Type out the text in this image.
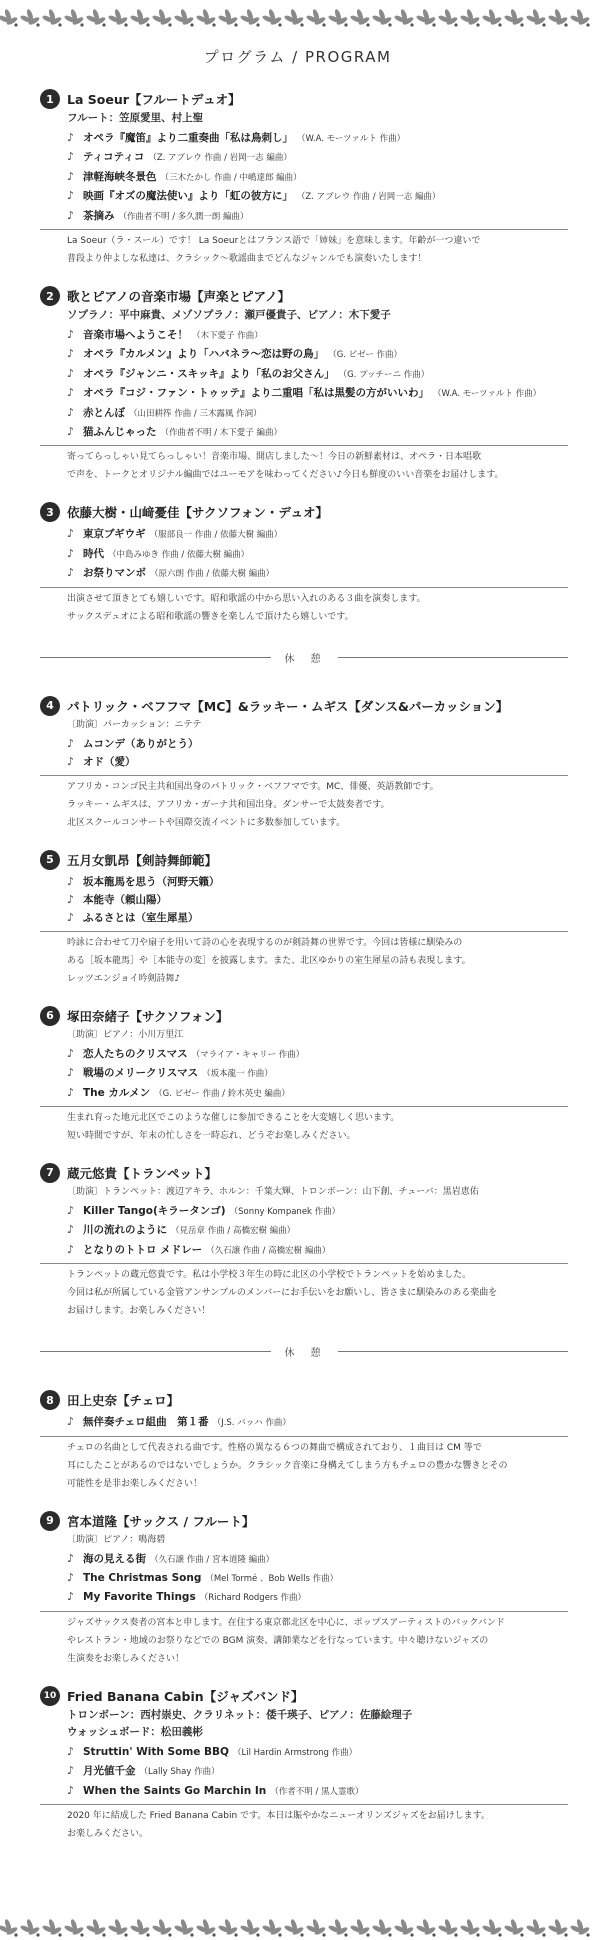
プログラム / PROGRAM
1	La Soeur【フルートデュオ】
フルート：笠原愛里、村上聖
♪ オペラ『魔笛』より二重奏曲「私は鳥刺し」 （W.A. モーツァルト 作曲）
♪ ティコティコ （Z. アブレウ 作曲 / 岩岡一志 編曲）
♪ 津軽海峡冬景色 （三木たかし 作曲 / 中嶋達郎 編曲）
♪ 映画『オズの魔法使い』より「虹の彼方に」 （Z. アブレウ 作曲 / 岩岡一志 編曲）
♪ 茶摘み （作曲者不明 / 多久潤一朗 編曲）
La Soeur（ラ・スール）です！ La Soeurとはフランス語で「姉妹」を意味します。年齢が一つ違いで
普段より仲よしな私達は、クラシック〜歌謡曲までどんなジャンルでも演奏いたします！
2	歌とピアノの音楽市場【声楽とピアノ】
ソプラノ：平中麻貴、メゾソプラノ：瀬戸優貴子、ピアノ：木下愛子
♪ 音楽市場へようこそ！ （木下愛子 作曲）
♪ オペラ『カルメン』より「ハバネラ〜恋は野の鳥」 （G. ビゼー 作曲）
♪ オペラ『ジャンニ・スキッキ』より「私のお父さん」 （G. プッチーニ 作曲）
♪ オペラ『コジ・ファン・トゥッテ』より二重唱「私は黒髪の方がいいわ」 （W.A. モーツァルト 作曲）
♪ 赤とんぼ （山田耕筰 作曲 / 三木露風 作詞）
♪ 猫ふんじゃった （作曲者不明 / 木下愛子 編曲）
寄ってらっしゃい見てらっしゃい！音楽市場、開店しました〜！今日の新鮮素材は、オペラ・日本唱歌
で声を、トークとオリジナル編曲ではユーモアを味わってください♪今日も鮮度のいい音楽をお届けします。
3	依藤大樹・山﨑憂佳【サクソフォン・デュオ】
♪ 東京ブギウギ （服部良一 作曲 / 依藤大樹 編曲）
♪ 時代 （中島みゆき 作曲 / 依藤大樹 編曲）
♪ お祭りマンボ （原六朗 作曲 / 依藤大樹 編曲）
出演させて頂きとても嬉しいです。昭和歌謡の中から思い入れのある３曲を演奏します。
サックスデュオによる昭和歌謡の響きを楽しんで頂けたら嬉しいです。
休　憩
4	パトリック・ベフフマ【MC】&ラッキー・ムギス【ダンス&パーカッション】
〔助演〕パーカッション：ニテテ
♪ ムコンデ（ありがとう）
♪ オド（愛）
アフリカ・コンゴ民主共和国出身のパトリック・ベフフマです。MC、俳優、英語教師です。
ラッキー・ムギスは、アフリカ・ガーナ共和国出身。ダンサーで太鼓奏者です。
北区スクールコンサートや国際交流イベントに多数参加しています。
5	五月女凱昂【剣詩舞師範】
♪ 坂本龍馬を思う（河野天籟）
♪ 本能寺（頼山陽）
♪ ふるさとは（室生犀星）
吟詠に合わせて刀や扇子を用いて詩の心を表現するのが剣詩舞の世界です。今回は皆様に馴染みの
ある［坂本龍馬］や［本能寺の変］を披露します。また、北区ゆかりの室生犀星の詩も表現します。
レッツエンジョイ吟剣詩舞♪
6	塚田奈緒子【サクソフォン】
〔助演〕ピアノ：小川万里江
♪ 恋人たちのクリスマス （マライア・キャリー 作曲）
♪ 戦場のメリークリスマス （坂本龍一 作曲）
♪ The カルメン （G. ビゼー 作曲 / 鈴木英史 編曲）
生まれ育った地元北区でこのような催しに参加できることを大変嬉しく思います。
短い時間ですが、年末の忙しさを一時忘れ、どうぞお楽しみください。
7	蔵元悠貴【トランペット】
〔助演〕トランペット：渡辺アキラ、ホルン：千葉大輝、トロンボーン：山下創、チューバ：黒岩恵佑
♪ Killer Tango(キラータンゴ) （Sonny Kompanek 作曲）
♪ 川の流れのように （見岳章 作曲 / 高橋宏樹 編曲）
♪ となりのトトロ メドレー （久石譲 作曲 / 高橋宏樹 編曲）
トランペットの蔵元悠貴です。私は小学校３年生の時に北区の小学校でトランペットを始めました。
今回は私が所属している金管アンサンブルのメンバーにお手伝いをお願いし、皆さまに馴染みのある楽曲を
お届けします。お楽しみください！
休　憩
8	田上史奈【チェロ】
♪ 無伴奏チェロ組曲　第１番 （J.S. バッハ 作曲）
チェロの名曲として代表される曲です。性格の異なる６つの舞曲で構成されており、１曲目は CM 等で
耳にしたことがあるのではないでしょうか。クラシック音楽に身構えてしまう方もチェロの豊かな響きとその
可能性を是非お楽しみください！
9	宮本道隆【サックス / フルート】
〔助演〕ピアノ：鳴海碧
♪ 海の見える街 （久石譲 作曲 / 宮本道隆 編曲）
♪ The Christmas Song （Mel Tormé 、Bob Wells 作曲）
♪ My Favorite Things （Richard Rodgers 作曲）
ジャズサックス奏者の宮本と申します。在住する東京都北区を中心に、ポップスアーティストのバックバンド
やレストラン・地域のお祭りなどでの BGM 演奏、講師業などを行なっています。中々聴けないジャズの
生演奏をお楽しみください！
10 Fried Banana Cabin【ジャズバンド】
トロンボーン：西村崇史、クラリネット：倭千瑛子、ピアノ：佐藤絵理子
ウォッシュボード：松田義彬
♪ Struttin' With Some BBQ （Lil Hardin Armstrong 作曲）
♪ 月光値千金 （Lally Shay 作曲）
♪ When the Saints Go Marchin In （作者不明 / 黒人霊歌）
2020 年に結成した Fried Banana Cabin です。本日は賑やかなニューオリンズジャズをお届けします。
お楽しみください。
